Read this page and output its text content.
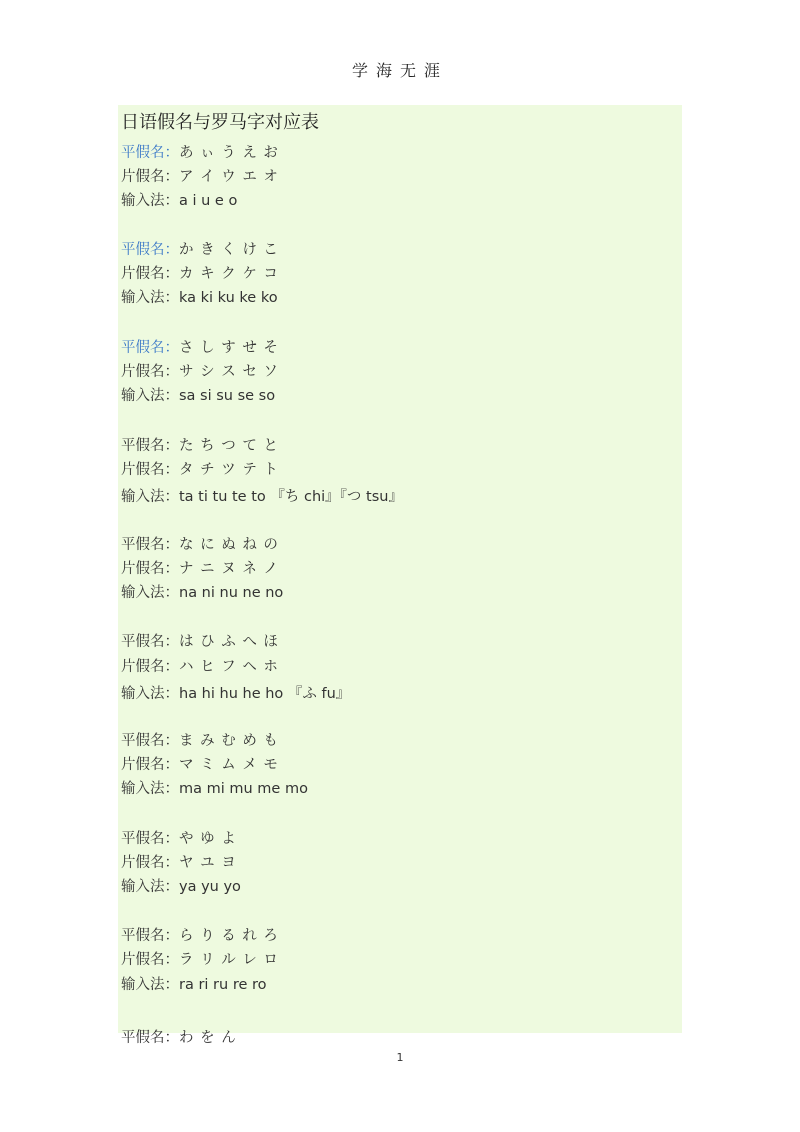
学海无涯
日语假名与罗马字对应表
平假名：あ ぃ う え お
片假名：ア イ ウ エ オ
输入法：a i u e o
平假名：か き く け こ
片假名：カ キ ク ケ コ
输入法：ka ki ku ke ko
平假名：さ し す せ そ
片假名：サ シ ス セ ソ
输入法：sa si su se so
平假名：た ち つ て と
片假名：タ チ ツ テ ト
输入法：ta ti tu te to 『ち chi』『つ tsu』
平假名：な に ぬ ね の
片假名：ナ ニ ヌ ネ ノ
输入法：na ni nu ne no
平假名：は ひ ふ へ ほ
片假名：ハ ヒ フ ヘ ホ
输入法：ha hi hu he ho 『ふ fu』
平假名：ま み む め も
片假名：マ ミ ム メ モ
输入法：ma mi mu me mo
平假名：や ゆ よ
片假名：ヤ ユ ヨ
输入法：ya yu yo
平假名：ら り る れ ろ
片假名：ラ リ ル レ ロ
输入法：ra ri ru re ro
平假名：わ を ん
1
